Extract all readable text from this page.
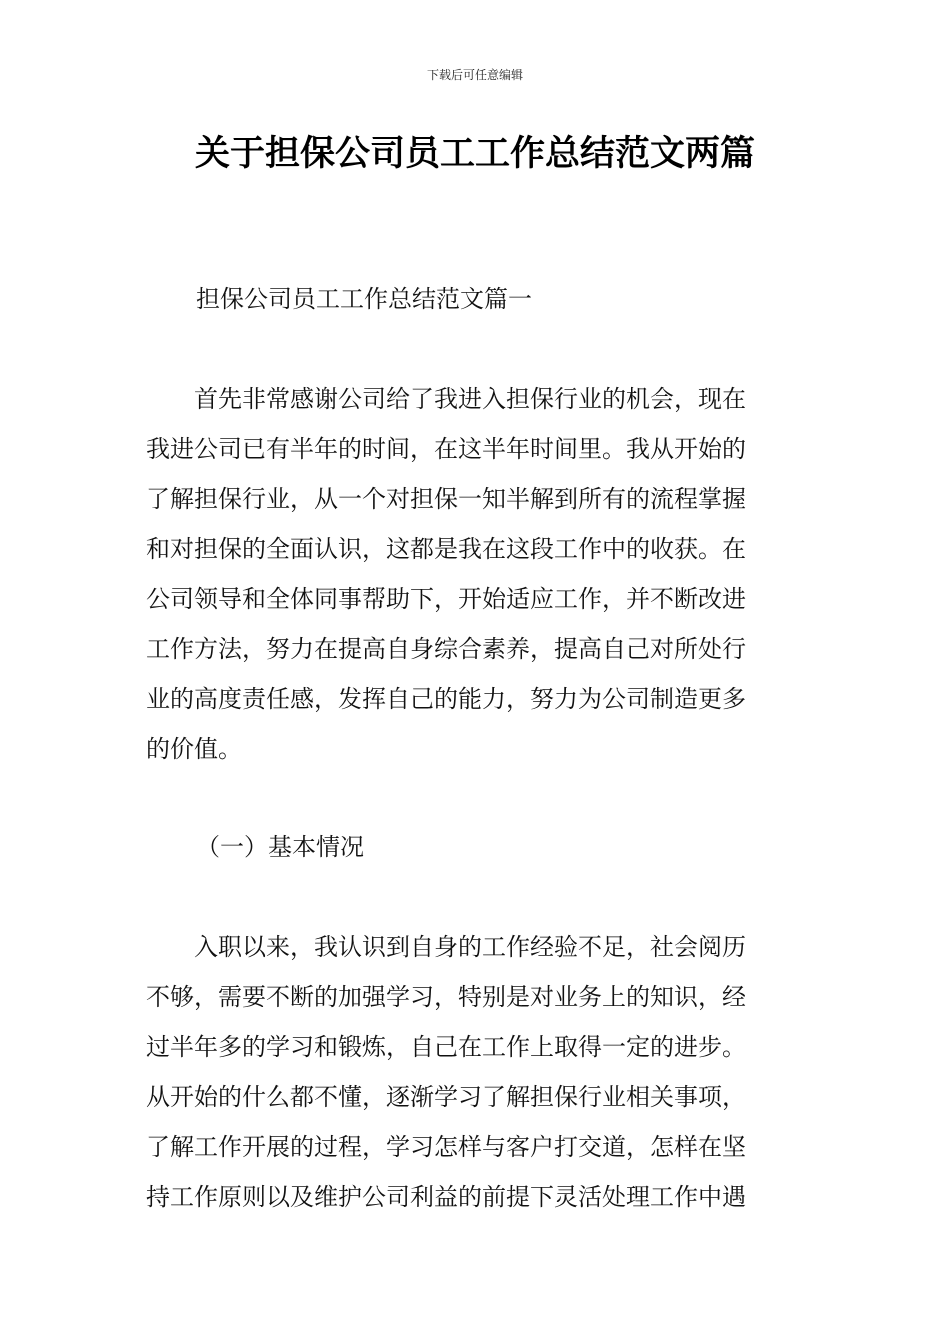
下载后可任意编辑
关于担保公司员工工作总结范文两篇
担保公司员工工作总结范文篇一
　　首先非常感谢公司给了我进入担保行业的机会，现在
我进公司已有半年的时间，在这半年时间里。我从开始的
了解担保行业，从一个对担保一知半解到所有的流程掌握
和对担保的全面认识，这都是我在这段工作中的收获。在
公司领导和全体同事帮助下，开始适应工作，并不断改进
工作方法，努力在提高自身综合素养，提高自己对所处行
业的高度责任感，发挥自己的能力，努力为公司制造更多
的价值。
（一）基本情况
　　入职以来，我认识到自身的工作经验不足，社会阅历
不够，需要不断的加强学习，特别是对业务上的知识，经
过半年多的学习和锻炼，自己在工作上取得一定的进步。
从开始的什么都不懂，逐渐学习了解担保行业相关事项，
了解工作开展的过程，学习怎样与客户打交道，怎样在坚
持工作原则以及维护公司利益的前提下灵活处理工作中遇
